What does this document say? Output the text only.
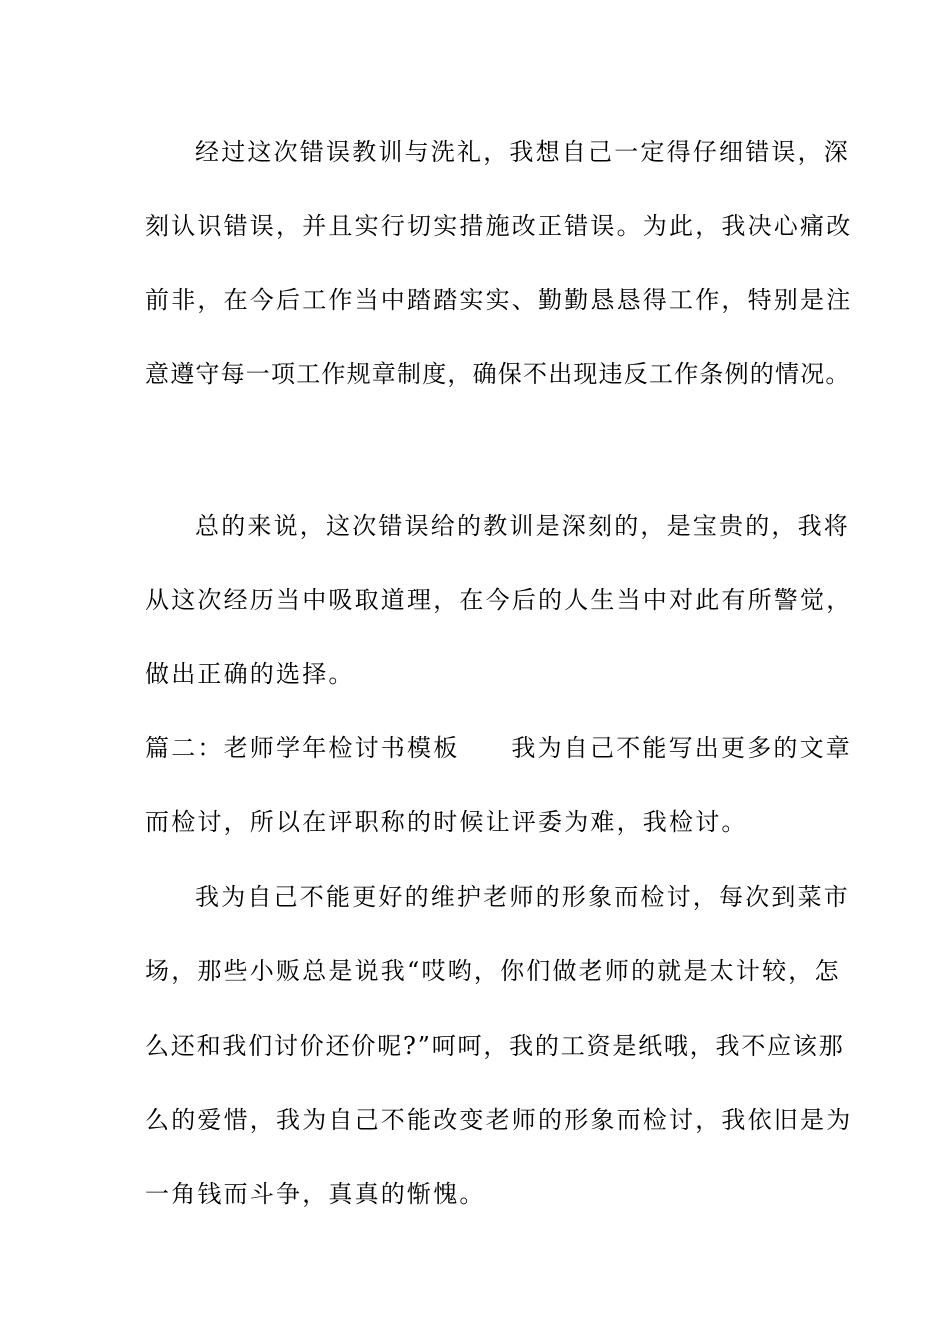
经过这次错误教训与洗礼，我想自己一定得仔细错误，深
刻认识错误，并且实行切实措施改正错误。为此，我决心痛改
前非，在今后工作当中踏踏实实、勤勤恳恳得工作，特别是注
意遵守每一项工作规章制度，确保不出现违反工作条例的情况。
总的来说，这次错误给的教训是深刻的，是宝贵的，我将
从这次经历当中吸取道理，在今后的人生当中对此有所警觉，
做出正确的选择。
篇二：老师学年检讨书模板 我为自己不能写出更多的文章
而检讨，所以在评职称的时候让评委为难，我检讨。
我为自己不能更好的维护老师的形象而检讨，每次到菜市
场，那些小贩总是说我“哎哟，你们做老师的就是太计较，怎
么还和我们讨价还价呢?”呵呵，我的工资是纸哦，我不应该那
么的爱惜，我为自己不能改变老师的形象而检讨，我依旧是为
一角钱而斗争，真真的惭愧。
